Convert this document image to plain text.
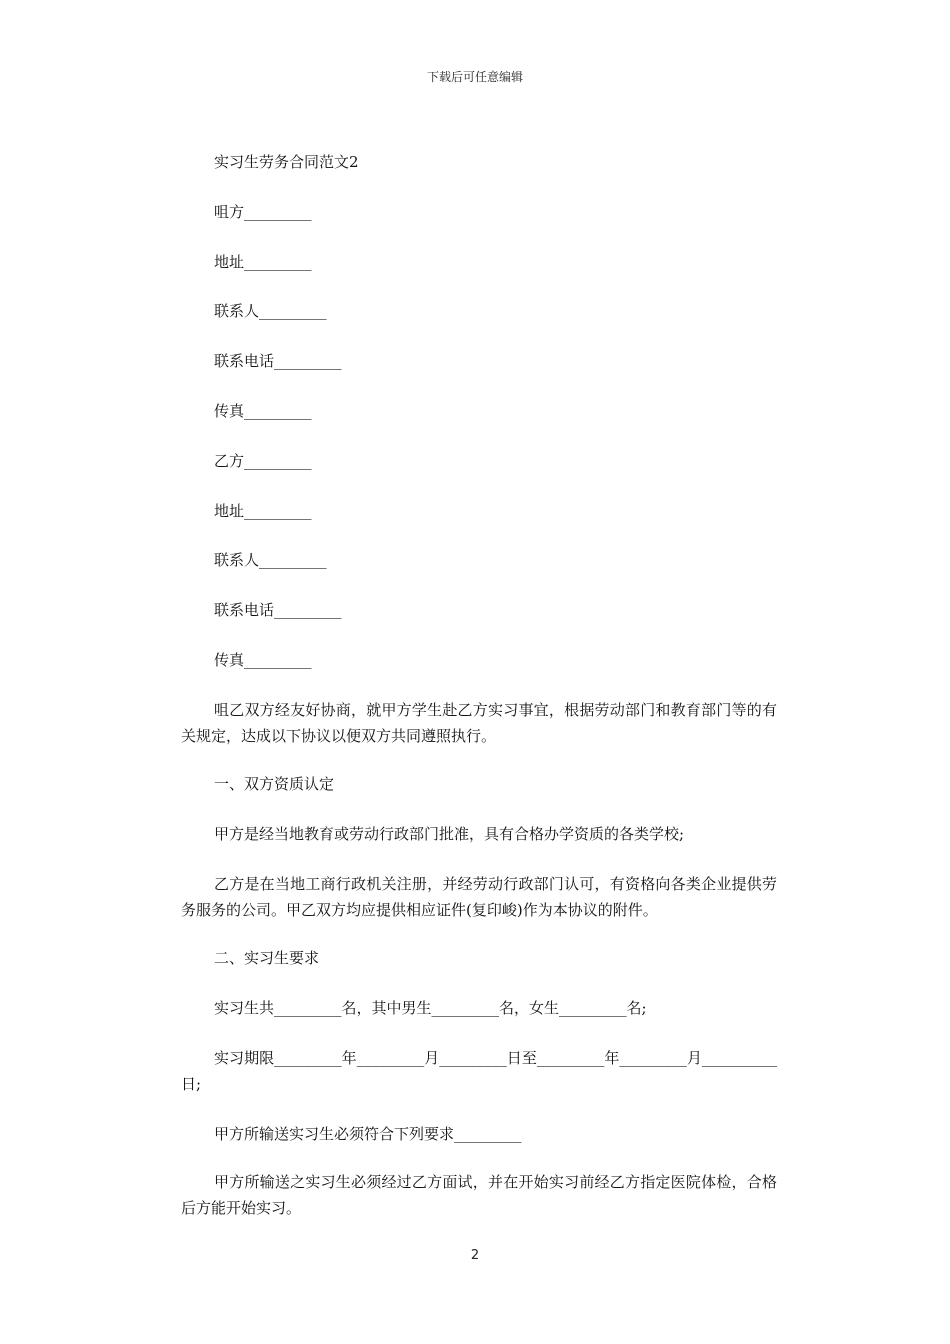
下载后可任意编辑
实习生劳务合同范文2
咀方_________
地址_________
联系人_________
联系电话_________
传真_________
乙方_________
地址_________
联系人_________
联系电话_________
传真_________
咀乙双方经友好协商，就甲方学生赴乙方实习事宜，根据劳动部门和教育部门等的有关规定，达成以下协议以便双方共同遵照执行。
一、双方资质认定
甲方是经当地教育或劳动行政部门批准，具有合格办学资质的各类学校;
乙方是在当地工商行政机关注册，并经劳动行政部门认可，有资格向各类企业提供劳务服务的公司。甲乙双方均应提供相应证件(复印峻)作为本协议的附件。
二、实习生要求
实习生共_________名，其中男生_________名，女生_________名;
实习期限_________年_________月_________日至_________年_________月__________日;
甲方所输送实习生必须符合下列要求_________
甲方所输送之实习生必须经过乙方面试，并在开始实习前经乙方指定医院体检，合格后方能开始实习。
2
